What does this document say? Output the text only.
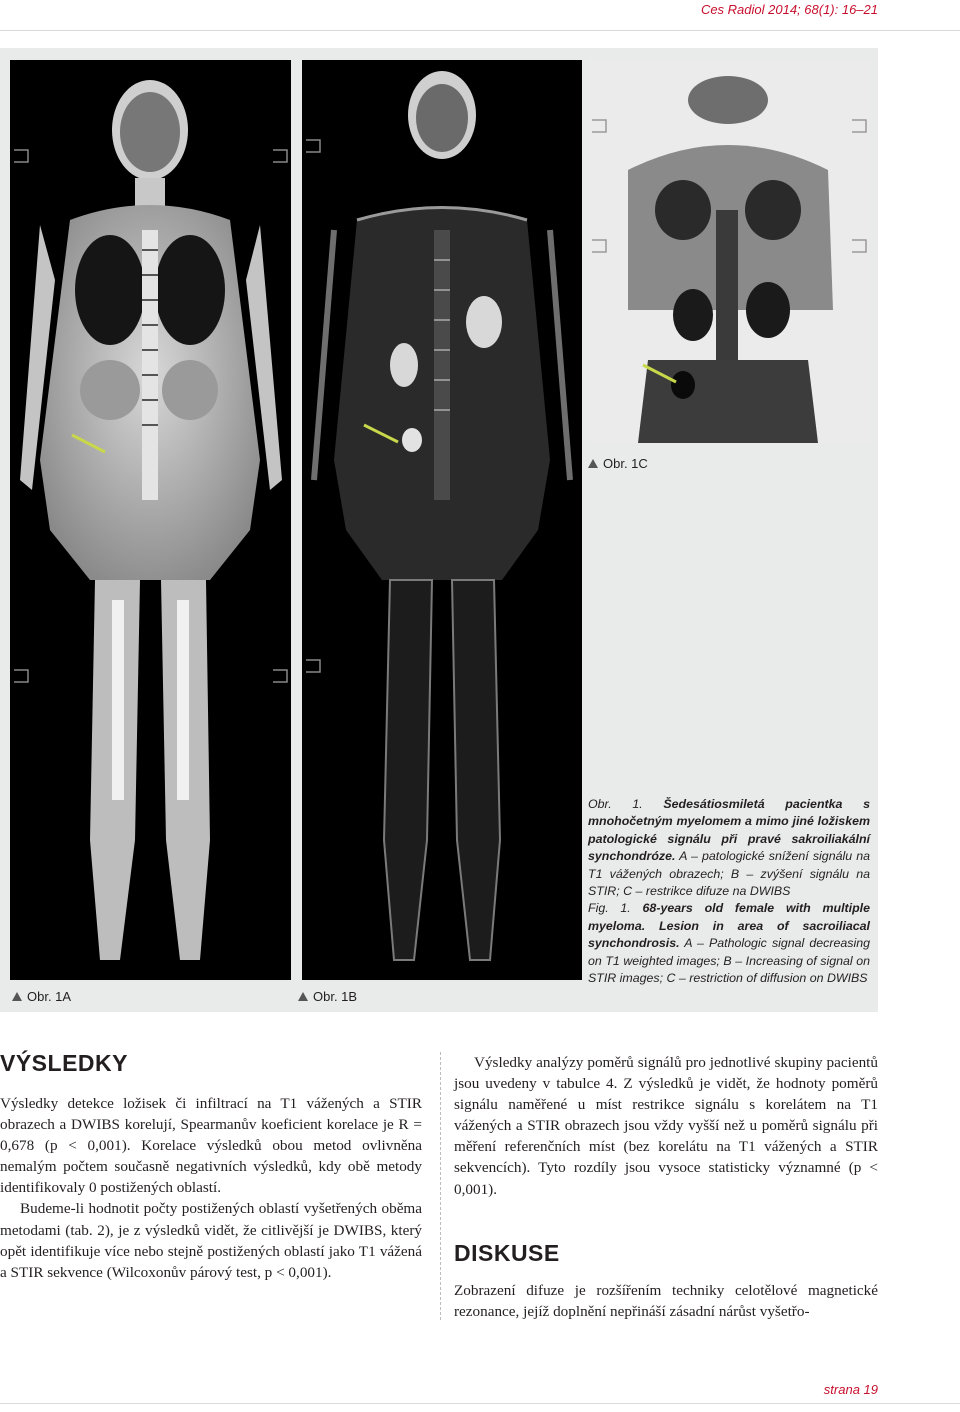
Ces Radiol 2014; 68(1): 16–21
Obr. 1C
Obr. 1A	Obr. 1B

Obr. 1. Šedesátiosmiletá pacientka s mnohočetným myelomem a mimo jiné ložiskem patologické signálu při pravé sakroiliakální synchondróze. A – patologické snížení signálu na T1 vážených obrazech; B – zvýšení signálu na STIR; C – restrikce difuze na DWIBS

Fig. 1. 68-years old female with multiple myeloma. Lesion in area of sacroiliacal synchondrosis. A – Pathologic signal decreasing on T1 weighted images; B – Increasing of signal on STIR images; C – restriction of diffusion on DWIBS

VÝSLEDKY

Výsledky detekce ložisek či infiltrací na T1 vážených a STIR obrazech a DWIBS korelují, Spearmanův koeficient korelace je R = 0,678 (p < 0,001). Korelace výsledků obou metod ovlivněna nemalým počtem současně negativních výsledků, kdy obě metody identifikovaly 0 postižených oblastí.

Budeme-li hodnotit počty postižených oblastí vyšetřených oběma metodami (tab. 2), je z výsledků vidět, že citlivější je DWIBS, který opět identifikuje více nebo stejně postižených oblastí jako T1 vážená a STIR sekvence (Wilcoxonův párový test, p < 0,001).

Výsledky analýzy poměrů signálů pro jednotlivé skupiny pacientů jsou uvedeny v tabulce 4. Z výsledků je vidět, že hodnoty poměrů signálu naměřené u míst restrikce signálu s korelátem na T1 vážených a STIR obrazech jsou vždy vyšší než u poměrů signálu při měření referenčních míst (bez korelátu na T1 vážených a STIR sekvencích). Tyto rozdíly jsou vysoce statisticky významné (p < 0,001).

DISKUSE

Zobrazení difuze je rozšířením techniky celotělové magnetické rezonance, jejíž doplnění nepřináší zásadní nárůst vyšetřo-

strana 19
